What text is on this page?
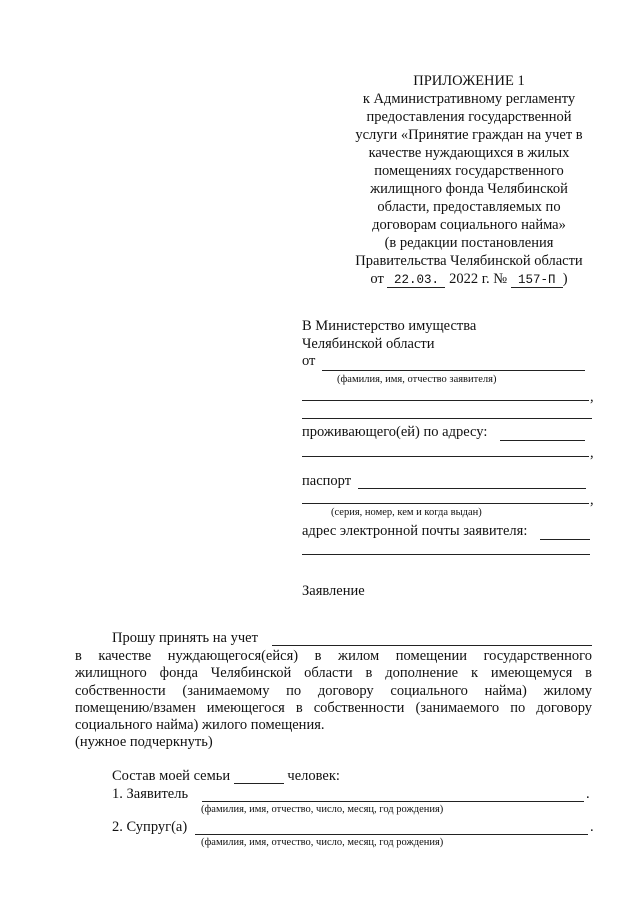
ПРИЛОЖЕНИЕ 1
к Административному регламенту
предоставления государственной
услуги «Принятие граждан на учет в
качестве нуждающихся в жилых
помещениях государственного
жилищного фонда Челябинской
области, предоставляемых по
договорам социального найма»
(в редакции постановления
Правительства Челябинской области
от 22.03. 2022 г. № 157-П )
В Министерство имущества
Челябинской области
от
(фамилия, имя, отчество заявителя)
,
проживающего(ей) по адресу:
,
паспорт
,
(серия, номер, кем и когда выдан)
адрес электронной почты заявителя:
Заявление
Прошу принять на учет
в качестве нуждающегося(ейся) в жилом помещении государственного
жилищного фонда Челябинской области в дополнение к имеющемуся в
собственности (занимаемому по договору социального найма) жилому
помещению/взамен имеющегося в собственности (занимаемого по договору
социального найма) жилого помещения.
(нужное подчеркнуть)
Состав моей семьи	человек:
1. Заявитель	.
(фамилия, имя, отчество, число, месяц, год рождения)
2. Супруг(а)	.
(фамилия, имя, отчество, число, месяц, год рождения)
